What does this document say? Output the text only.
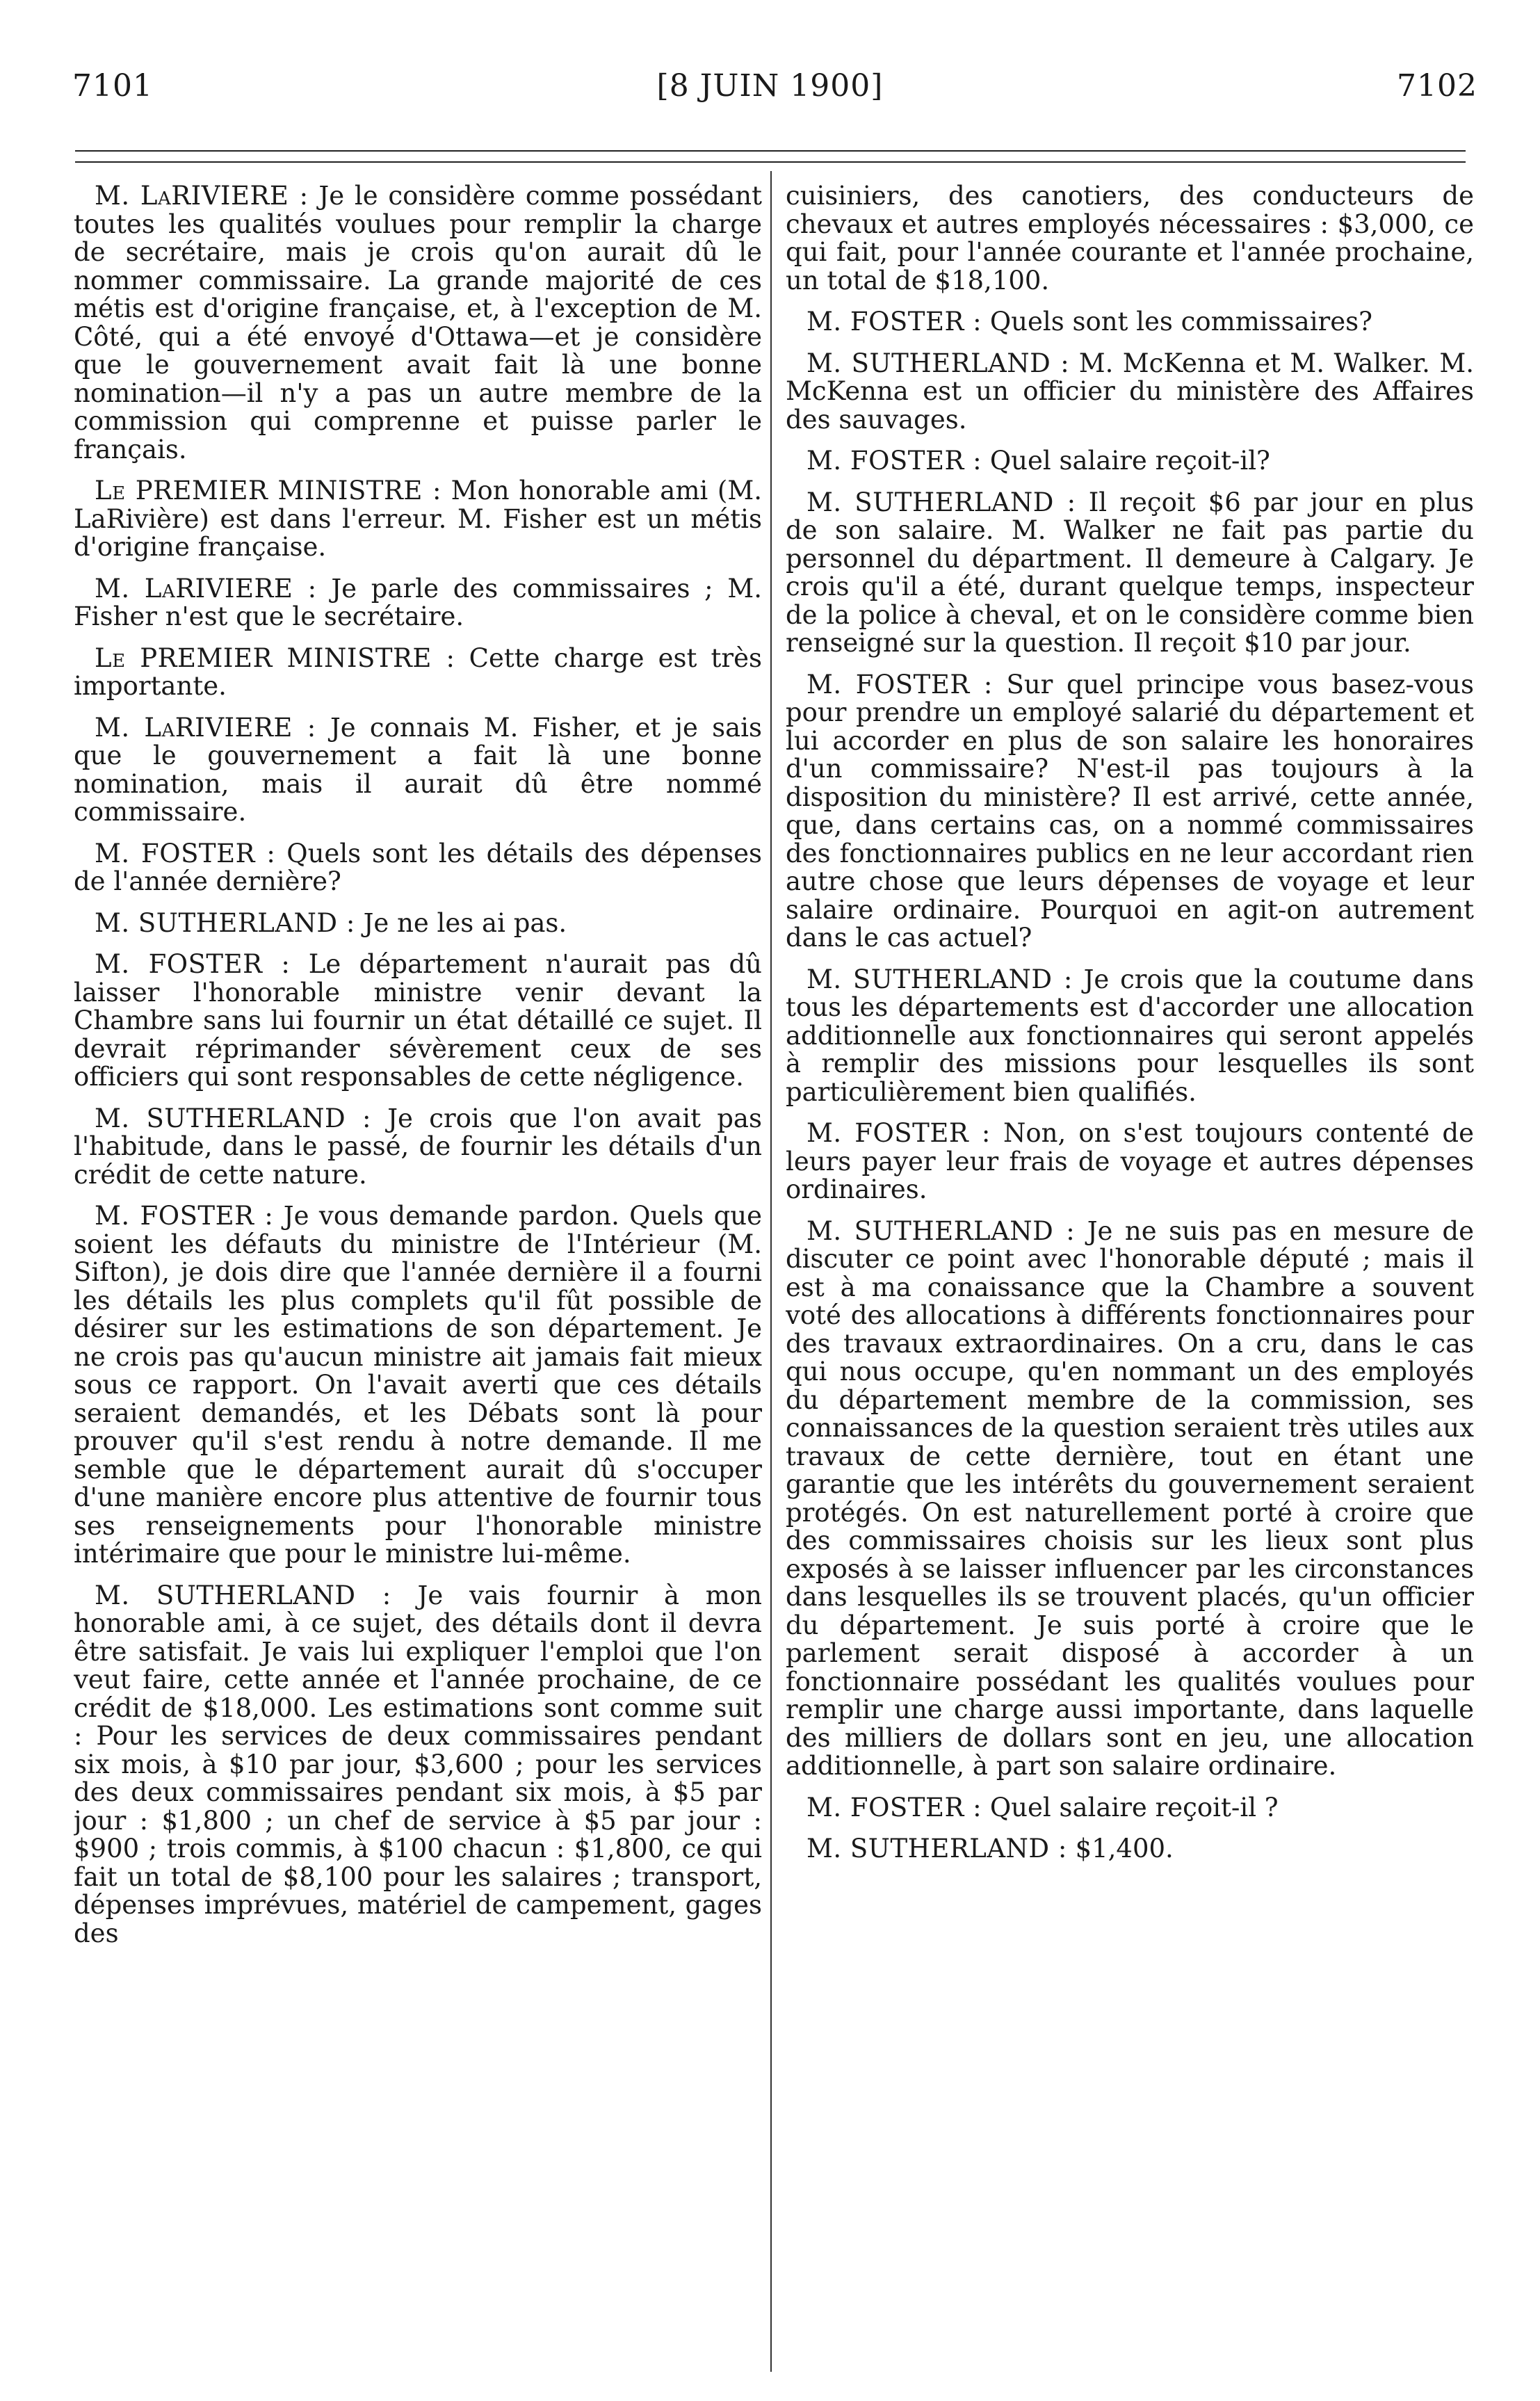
7101	[8 JUIN 1900]	7102

M. LaRIVIERE : Je le considère comme possédant toutes les qualités voulues pour remplir la charge de secrétaire, mais je crois qu'on aurait dû le nommer commissaire. La grande majorité de ces métis est d'origine française, et, à l'exception de M. Côté, qui a été envoyé d'Ottawa—et je considère que le gouvernement avait fait là une bonne nomination—il n'y a pas un autre membre de la commission qui comprenne et puisse parler le français.

Le PREMIER MINISTRE : Mon honorable ami (M. LaRivière) est dans l'erreur. M. Fisher est un métis d'origine française.

M. LaRIVIERE : Je parle des commissaires ; M. Fisher n'est que le secrétaire.

Le PREMIER MINISTRE : Cette charge est très importante.

M. LaRIVIERE : Je connais M. Fisher, et je sais que le gouvernement a fait là une bonne nomination, mais il aurait dû être nommé commissaire.

M. FOSTER : Quels sont les détails des dépenses de l'année dernière?

M. SUTHERLAND : Je ne les ai pas.

M. FOSTER : Le département n'aurait pas dû laisser l'honorable ministre venir devant la Chambre sans lui fournir un état détaillé ce sujet. Il devrait réprimander sévèrement ceux de ses officiers qui sont responsables de cette négligence.

M. SUTHERLAND : Je crois que l'on avait pas l'habitude, dans le passé, de fournir les détails d'un crédit de cette nature.

M. FOSTER : Je vous demande pardon. Quels que soient les défauts du ministre de l'Intérieur (M. Sifton), je dois dire que l'année dernière il a fourni les détails les plus complets qu'il fût possible de désirer sur les estimations de son département. Je ne crois pas qu'aucun ministre ait jamais fait mieux sous ce rapport. On l'avait averti que ces détails seraient demandés, et les Débats sont là pour prouver qu'il s'est rendu à notre demande. Il me semble que le département aurait dû s'occuper d'une manière encore plus attentive de fournir tous ses renseignements pour l'honorable ministre intérimaire que pour le ministre lui-même.

M. SUTHERLAND : Je vais fournir à mon honorable ami, à ce sujet, des détails dont il devra être satisfait. Je vais lui expliquer l'emploi que l'on veut faire, cette année et l'année prochaine, de ce crédit de $18,000. Les estimations sont comme suit : Pour les services de deux commissaires pendant six mois, à $10 par jour, $3,600 ; pour les services des deux commissaires pendant six mois, à $5 par jour : $1,800 ; un chef de service à $5 par jour : $900 ; trois commis, à $100 chacun : $1,800, ce qui fait un total de $8,100 pour les salaires ; transport, dépenses imprévues, matériel de campement, gages des

cuisiniers, des canotiers, des conducteurs de chevaux et autres employés nécessaires : $3,000, ce qui fait, pour l'année courante et l'année prochaine, un total de $18,100.

M. FOSTER : Quels sont les commissaires?

M. SUTHERLAND : M. McKenna et M. Walker. M. McKenna est un officier du ministère des Affaires des sauvages.

M. FOSTER : Quel salaire reçoit-il?

M. SUTHERLAND : Il reçoit $6 par jour en plus de son salaire. M. Walker ne fait pas partie du personnel du départment. Il demeure à Calgary. Je crois qu'il a été, durant quelque temps, inspecteur de la police à cheval, et on le considère comme bien renseigné sur la question. Il reçoit $10 par jour.

M. FOSTER : Sur quel principe vous basez-vous pour prendre un employé salarié du département et lui accorder en plus de son salaire les honoraires d'un commissaire? N'est-il pas toujours à la disposition du ministère? Il est arrivé, cette année, que, dans certains cas, on a nommé commissaires des fonctionnaires publics en ne leur accordant rien autre chose que leurs dépenses de voyage et leur salaire ordinaire. Pourquoi en agit-on autrement dans le cas actuel?

M. SUTHERLAND : Je crois que la coutume dans tous les départements est d'accorder une allocation additionnelle aux fonctionnaires qui seront appelés à remplir des missions pour lesquelles ils sont particulièrement bien qualifiés.

M. FOSTER : Non, on s'est toujours contenté de leurs payer leur frais de voyage et autres dépenses ordinaires.

M. SUTHERLAND : Je ne suis pas en mesure de discuter ce point avec l'honorable député ; mais il est à ma conaissance que la Chambre a souvent voté des allocations à différents fonctionnaires pour des travaux extraordinaires. On a cru, dans le cas qui nous occupe, qu'en nommant un des employés du département membre de la commission, ses connaissances de la question seraient très utiles aux travaux de cette dernière, tout en étant une garantie que les intérêts du gouvernement seraient protégés. On est naturellement porté à croire que des commissaires choisis sur les lieux sont plus exposés à se laisser influencer par les circonstances dans lesquelles ils se trouvent placés, qu'un officier du département. Je suis porté à croire que le parlement serait disposé à accorder à un fonctionnaire possédant les qualités voulues pour remplir une charge aussi importante, dans laquelle des milliers de dollars sont en jeu, une allocation additionnelle, à part son salaire ordinaire.

M. FOSTER : Quel salaire reçoit-il ?

M. SUTHERLAND : $1,400.
